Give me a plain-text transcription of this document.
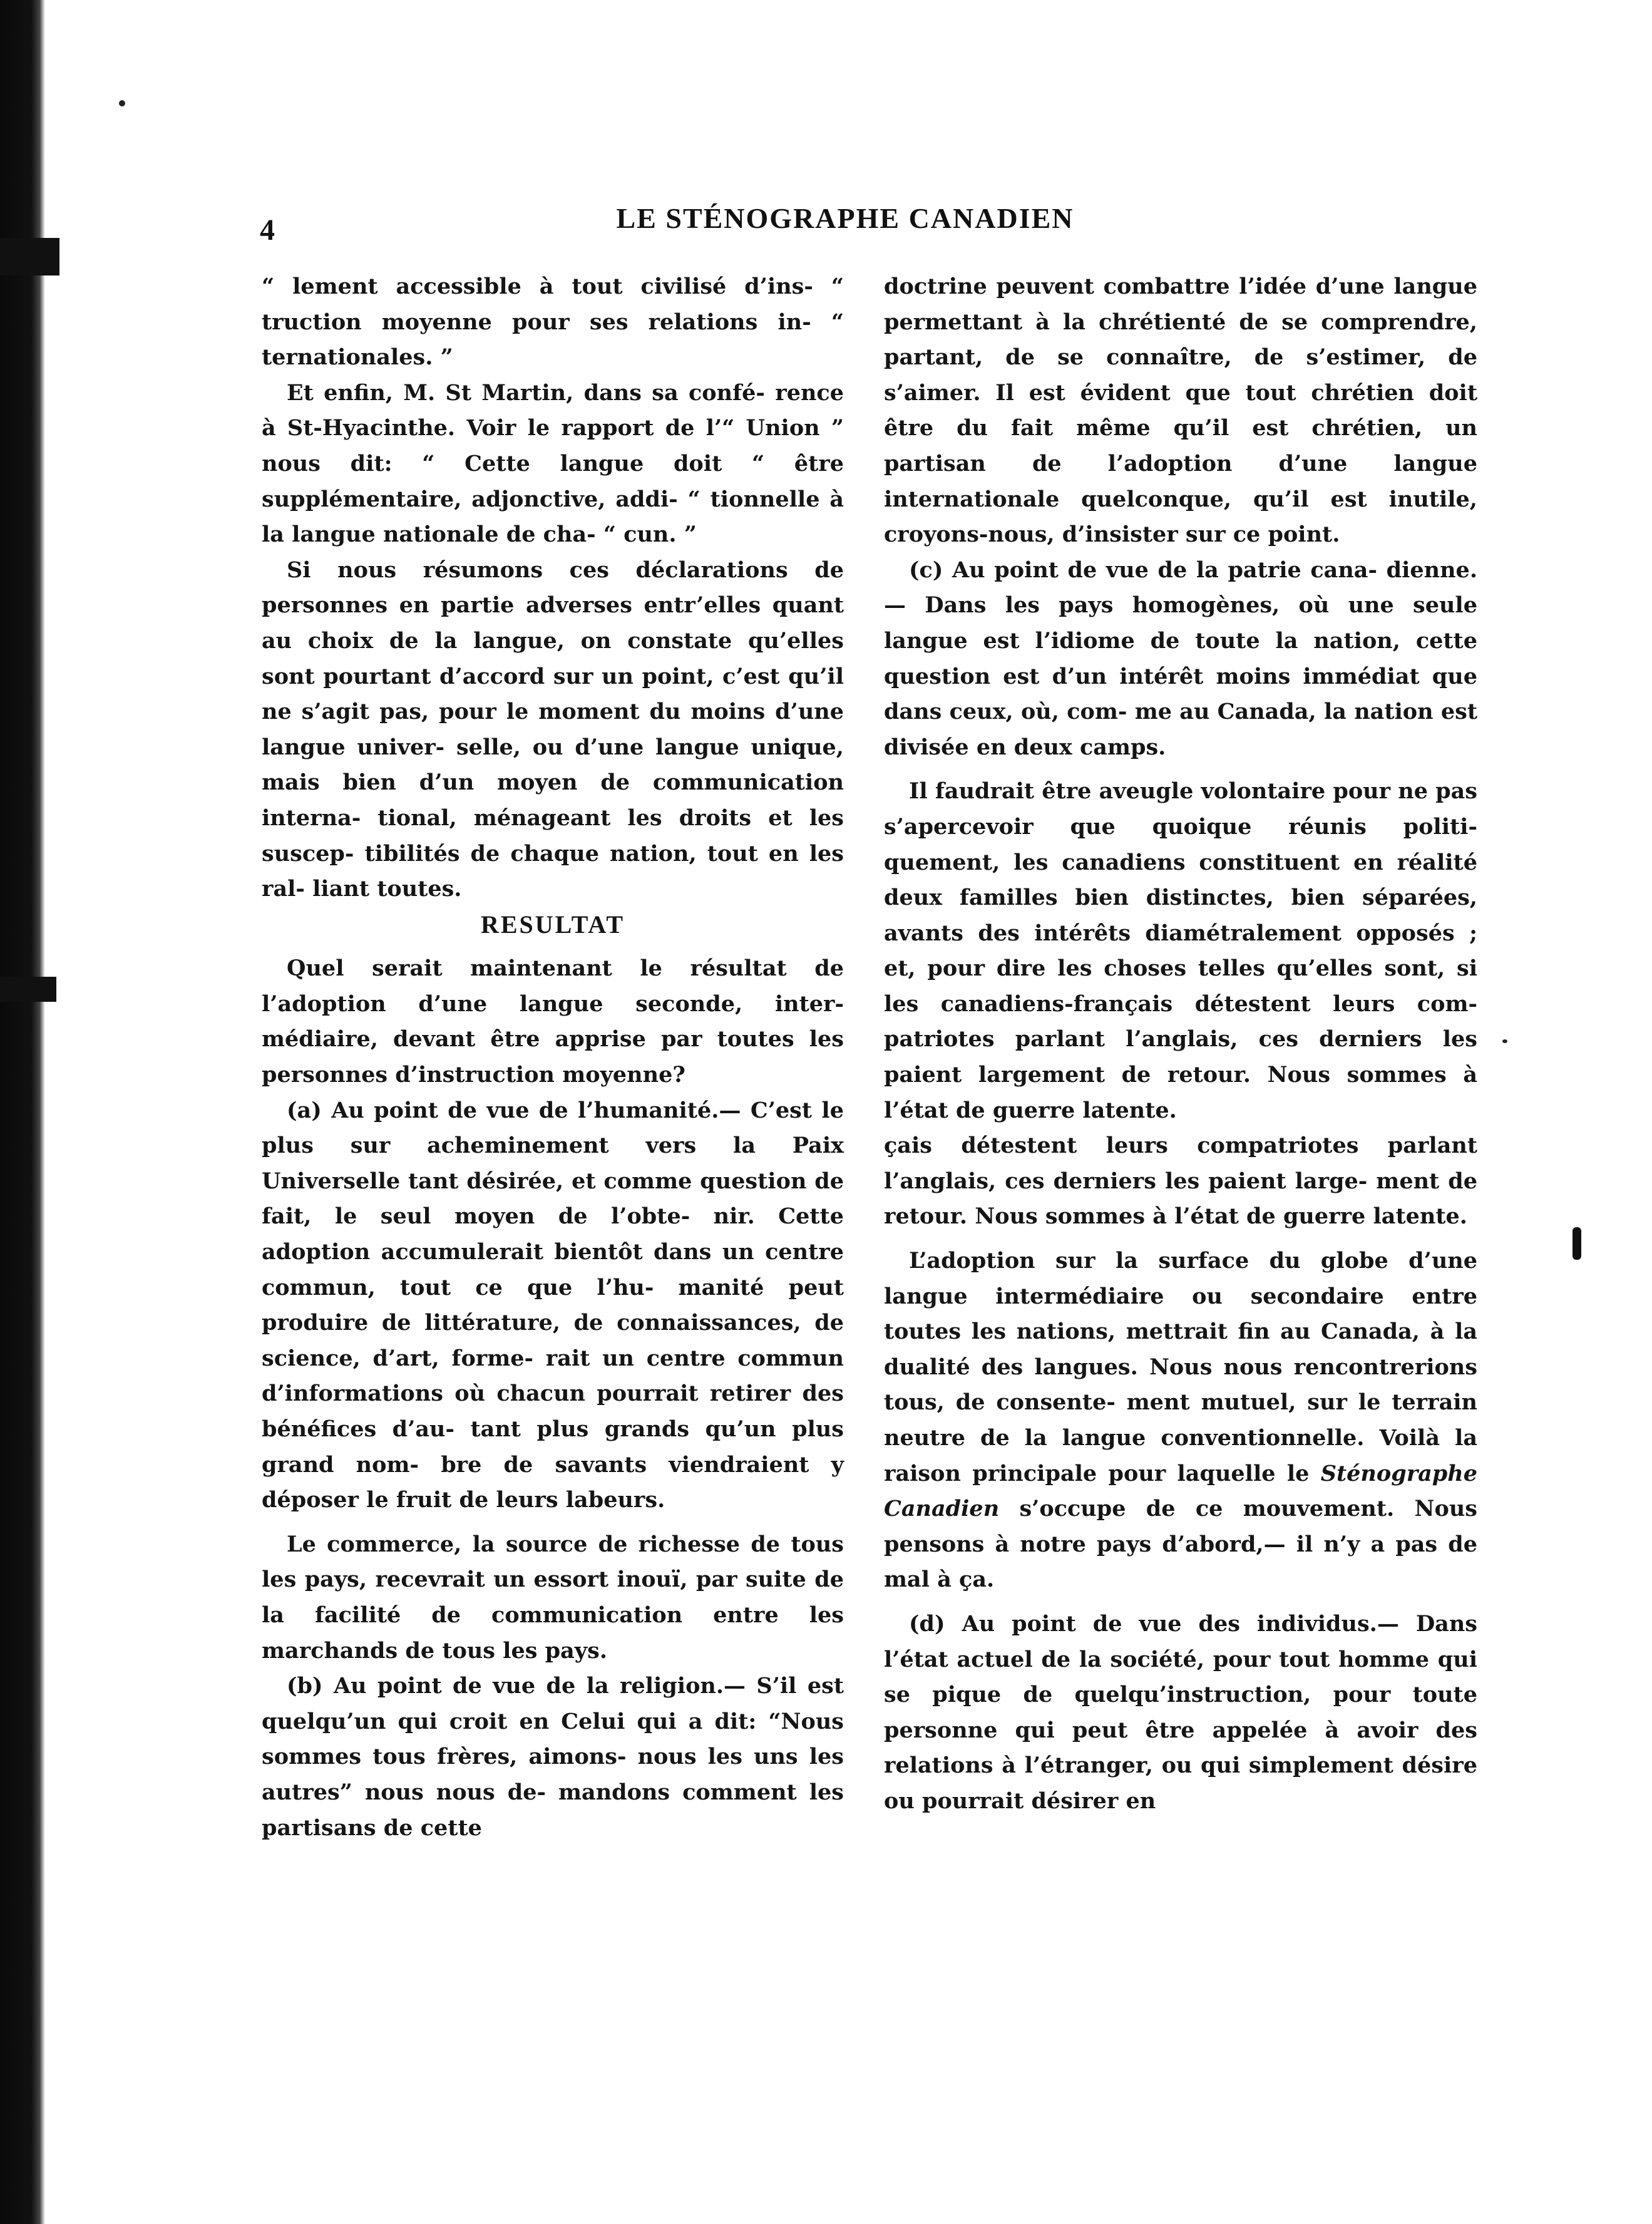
4	LE STÉNOGRAPHE CANADIEN

“ lement accessible à tout civilisé d’ins- “ truction moyenne pour ses relations in- “ ternationales. ”

Et enfin, M. St Martin, dans sa confé- rence à St-Hyacinthe. Voir le rapport de l’“ Union ” nous dit: “ Cette langue doit “ être supplémentaire, adjonctive, addi- “ tionnelle à la langue nationale de cha- “ cun. ”

Si nous résumons ces déclarations de personnes en partie adverses entr’elles quant au choix de la langue, on constate qu’elles sont pourtant d’accord sur un point, c’est qu’il ne s’agit pas, pour le moment du moins d’une langue univer- selle, ou d’une langue unique, mais bien d’un moyen de communication interna- tional, ménageant les droits et les suscep- tibilités de chaque nation, tout en les ral- liant toutes.

RESULTAT

Quel serait maintenant le résultat de l’adoption d’une langue seconde, inter- médiaire, devant être apprise par toutes les personnes d’instruction moyenne?

(a) Au point de vue de l’humanité.— C’est le plus sur acheminement vers la Paix Universelle tant désirée, et comme question de fait, le seul moyen de l’obte- nir. Cette adoption accumulerait bientôt dans un centre commun, tout ce que l’hu- manité peut produire de littérature, de connaissances, de science, d’art, forme- rait un centre commun d’informations où chacun pourrait retirer des bénéfices d’au- tant plus grands qu’un plus grand nom- bre de savants viendraient y déposer le fruit de leurs labeurs.

Le commerce, la source de richesse de tous les pays, recevrait un essort inouï, par suite de la facilité de communication entre les marchands de tous les pays.

(b) Au point de vue de la religion.— S’il est quelqu’un qui croit en Celui qui a dit: “Nous sommes tous frères, aimons- nous les uns les autres” nous nous de- mandons comment les partisans de cette

doctrine peuvent combattre l’idée d’une langue permettant à la chrétienté de se comprendre, partant, de se connaître, de s’estimer, de s’aimer. Il est évident que tout chrétien doit être du fait même qu’il est chrétien, un partisan de l’adoption d’une langue internationale quelconque, qu’il est inutile, croyons-nous, d’insister sur ce point.

(c) Au point de vue de la patrie cana- dienne.— Dans les pays homogènes, où une seule langue est l’idiome de toute la nation, cette question est d’un intérêt moins immédiat que dans ceux, où, com- me au Canada, la nation est divisée en deux camps.

Il faudrait être aveugle volontaire pour ne pas s’apercevoir que quoique réunis politi- quement, les canadiens constituent en réalité deux familles bien distinctes, bien séparées, avants des intérêts diamétralement opposés ; et, pour dire les choses telles qu’elles sont, si les canadiens-français détestent leurs com- patriotes parlant l’anglais, ces derniers les paient largement de retour. Nous sommes à l’état de guerre latente.

çais détestent leurs compatriotes parlant l’anglais, ces derniers les paient large- ment de retour. Nous sommes à l’état de guerre latente.

L’adoption sur la surface du globe d’une langue intermédiaire ou secondaire entre toutes les nations, mettrait fin au Canada, à la dualité des langues. Nous nous rencontrerions tous, de consente- ment mutuel, sur le terrain neutre de la langue conventionnelle. Voilà la raison principale pour laquelle le Sténographe Canadien s’occupe de ce mouvement. Nous pensons à notre pays d’abord,— il n’y a pas de mal à ça.

(d) Au point de vue des individus.— Dans l’état actuel de la société, pour tout homme qui se pique de quelqu’instruction, pour toute personne qui peut être appelée à avoir des relations à l’étranger, ou qui simplement désire ou pourrait désirer en
